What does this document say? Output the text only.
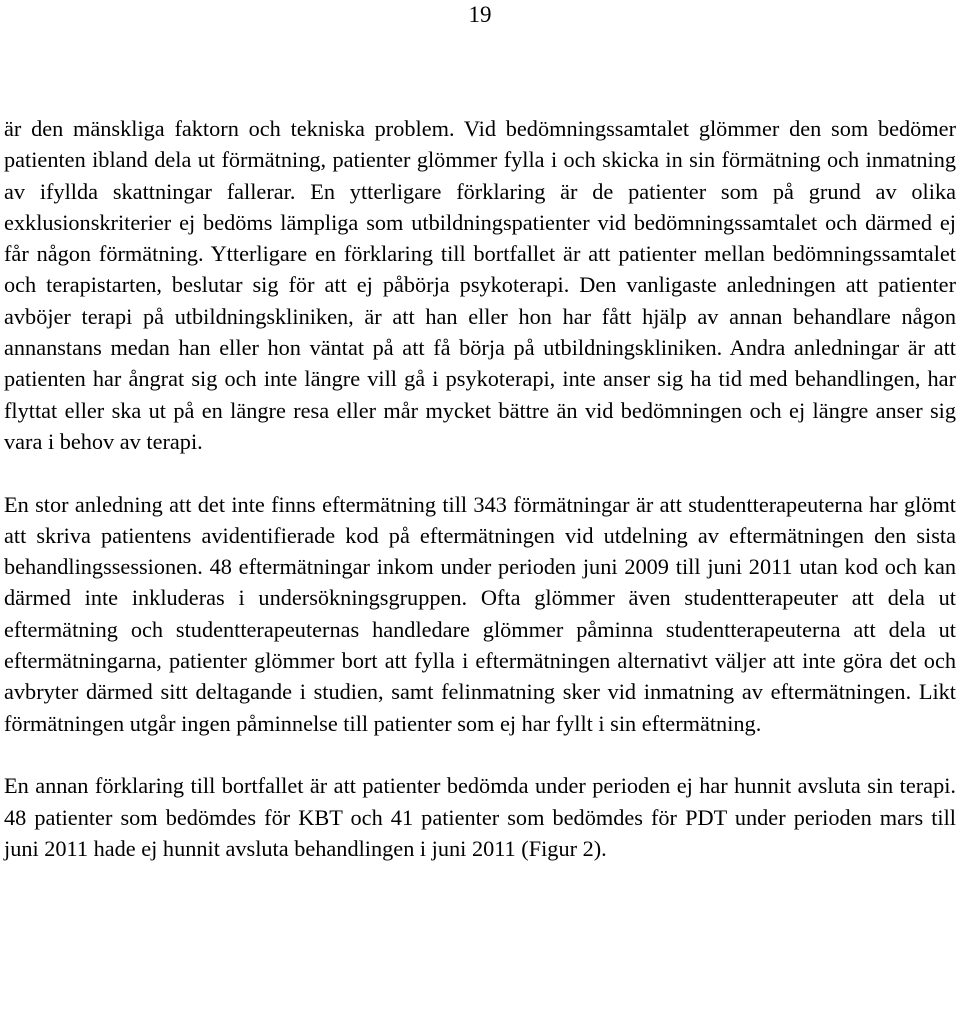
19

är den mänskliga faktorn och tekniska problem. Vid bedömningssamtalet glömmer den som bedömer patienten ibland dela ut förmätning, patienter glömmer fylla i och skicka in sin förmätning och inmatning av ifyllda skattningar fallerar. En ytterligare förklaring är de patienter som på grund av olika exklusionskriterier ej bedöms lämpliga som utbildningspatienter vid bedömningssamtalet och därmed ej får någon förmätning. Ytterligare en förklaring till bortfallet är att patienter mellan bedömningssamtalet och terapistarten, beslutar sig för att ej påbörja psykoterapi. Den vanligaste anledningen att patienter avböjer terapi på utbildningskliniken, är att han eller hon har fått hjälp av annan behandlare någon annanstans medan han eller hon väntat på att få börja på utbildningskliniken. Andra anledningar är att patienten har ångrat sig och inte längre vill gå i psykoterapi, inte anser sig ha tid med behandlingen, har flyttat eller ska ut på en längre resa eller mår mycket bättre än vid bedömningen och ej längre anser sig vara i behov av terapi.

En stor anledning att det inte finns eftermätning till 343 förmätningar är att studentterapeuterna har glömt att skriva patientens avidentifierade kod på eftermätningen vid utdelning av eftermätningen den sista behandlingssessionen. 48 eftermätningar inkom under perioden juni 2009 till juni 2011 utan kod och kan därmed inte inkluderas i undersökningsgruppen. Ofta glömmer även studentterapeuter att dela ut eftermätning och studentterapeuternas handledare glömmer påminna studentterapeuterna att dela ut eftermätningarna, patienter glömmer bort att fylla i eftermätningen alternativt väljer att inte göra det och avbryter därmed sitt deltagande i studien, samt felinmatning sker vid inmatning av eftermätningen. Likt förmätningen utgår ingen påminnelse till patienter som ej har fyllt i sin eftermätning.

En annan förklaring till bortfallet är att patienter bedömda under perioden ej har hunnit avsluta sin terapi. 48 patienter som bedömdes för KBT och 41 patienter som bedömdes för PDT under perioden mars till juni 2011 hade ej hunnit avsluta behandlingen i juni 2011 (Figur 2).
